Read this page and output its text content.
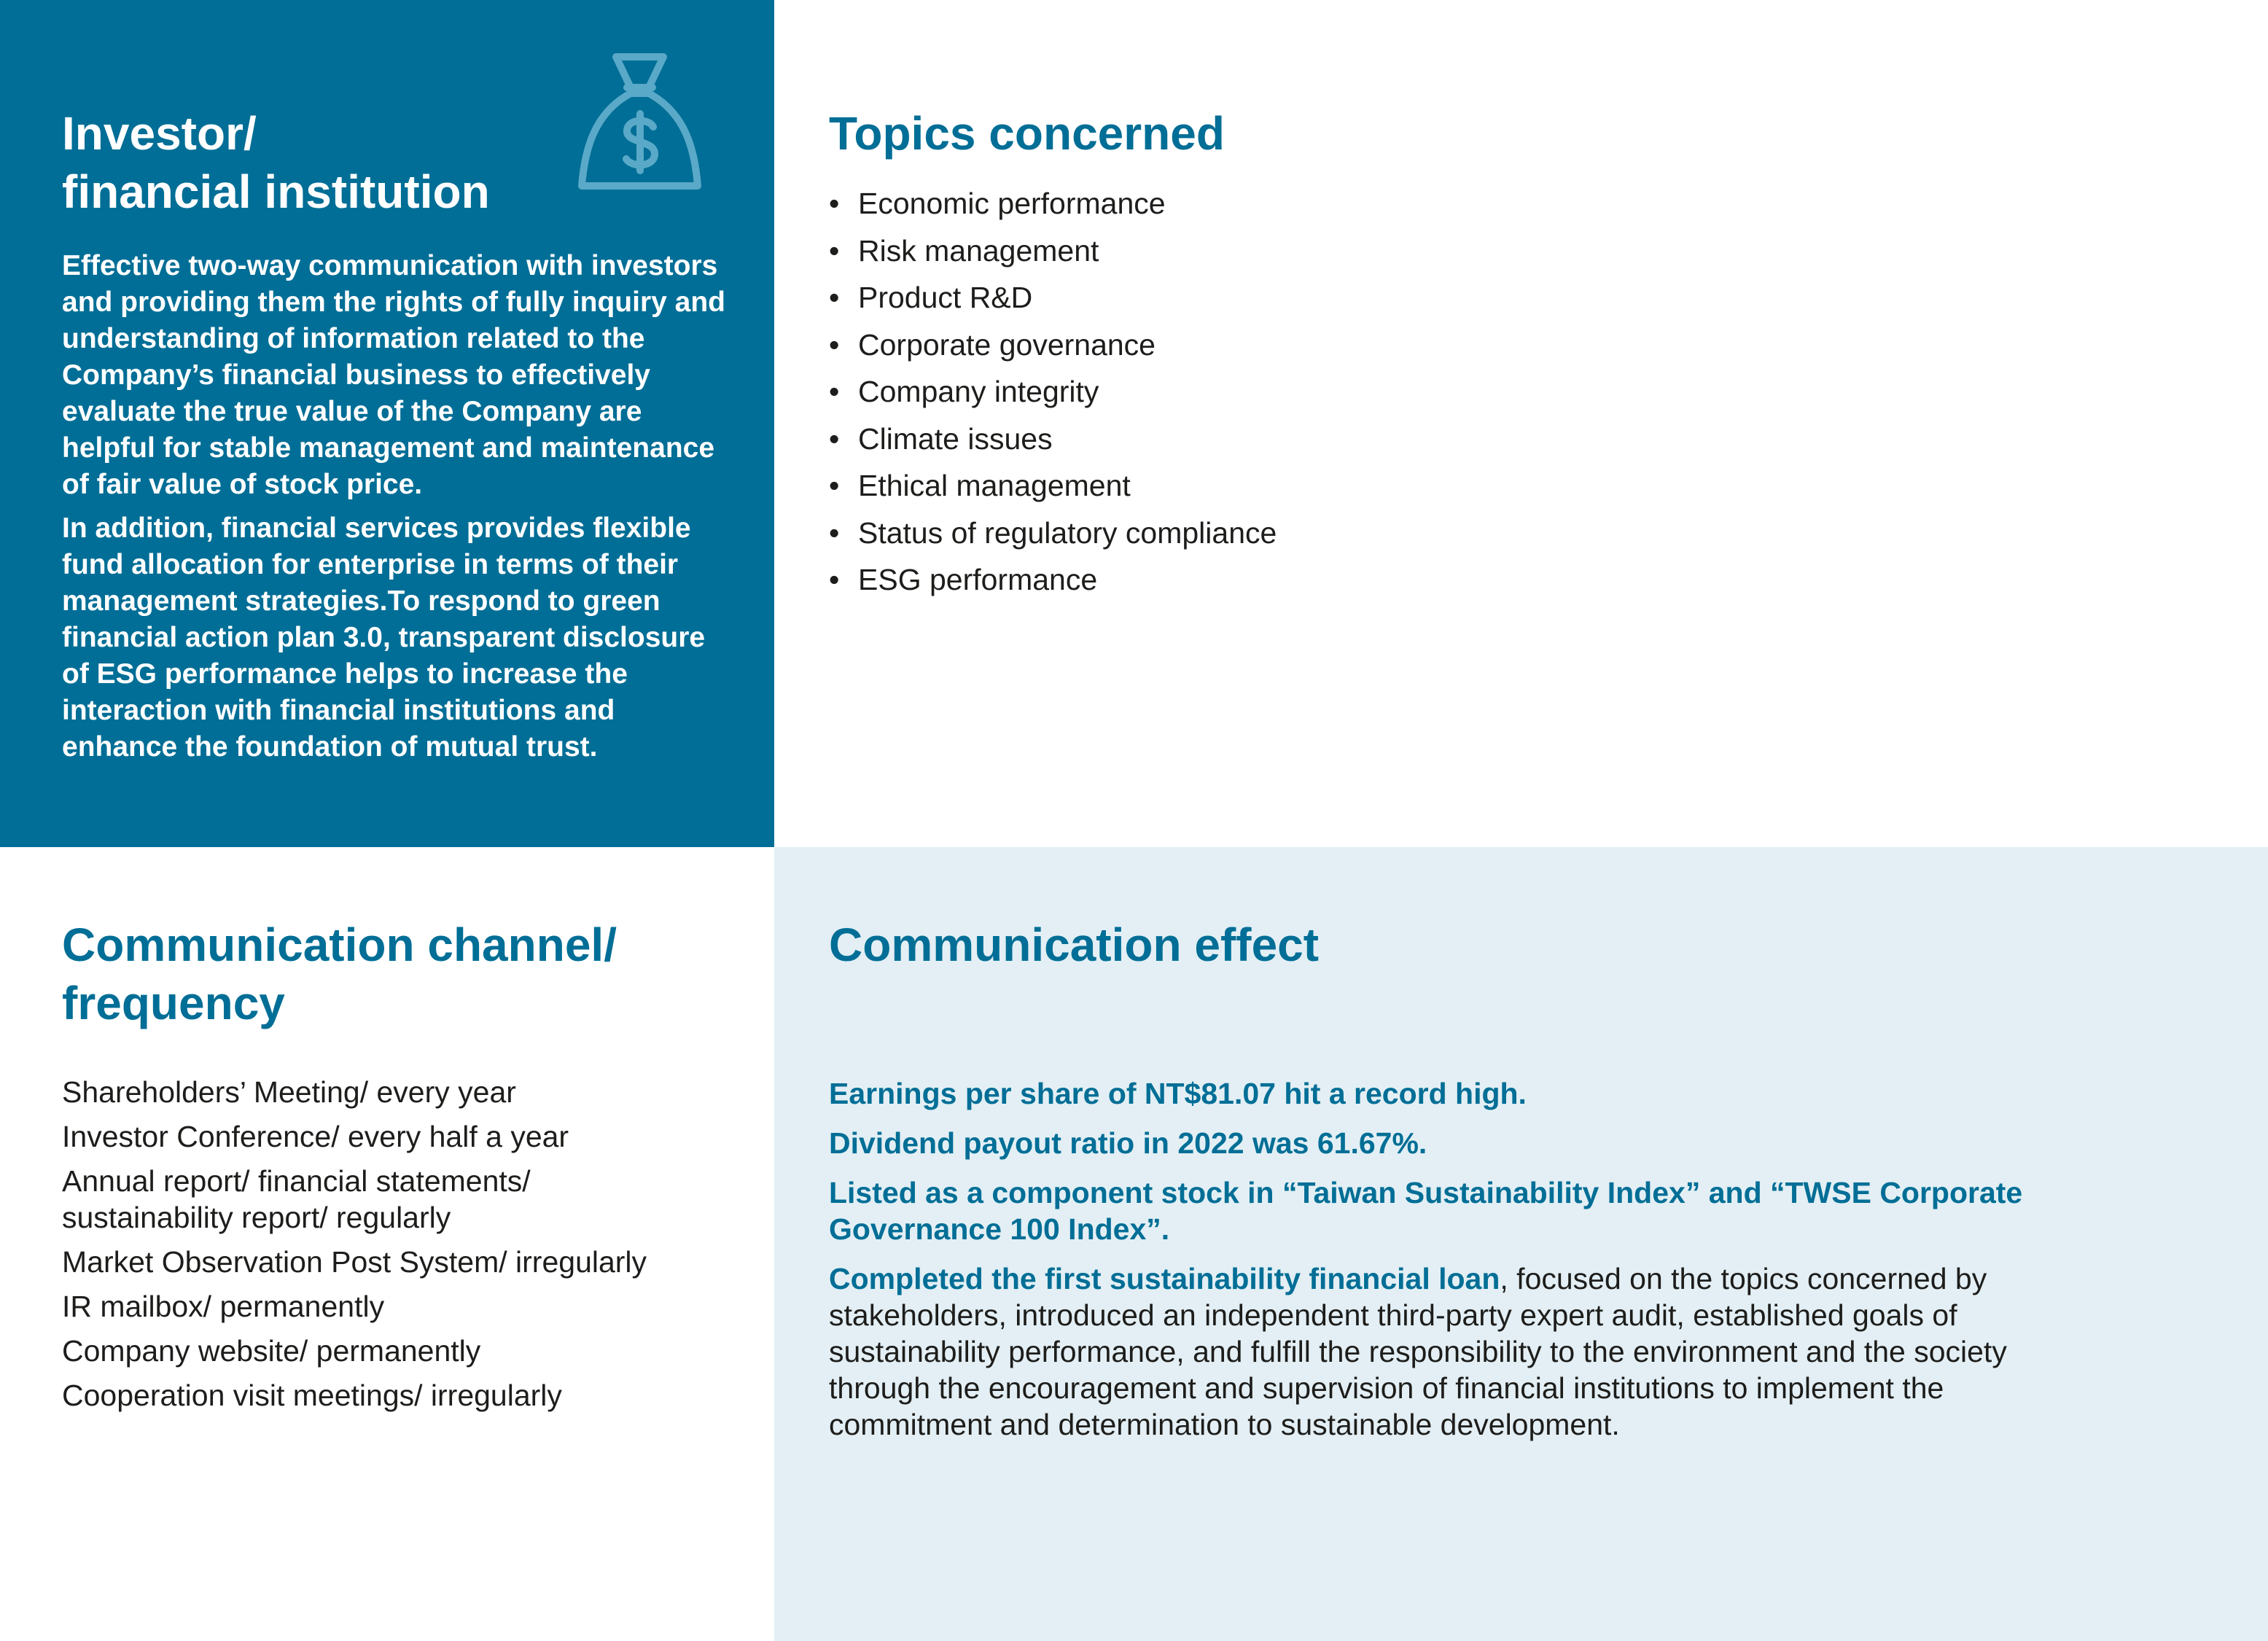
Investor/
financial institution

Effective two-way communication with investors and providing them the rights of fully inquiry and understanding of information related to the Company’s financial business to effectively evaluate the true value of the Company are helpful for stable management and maintenance of fair value of stock price.

In addition, financial services provides flexible fund allocation for enterprise in terms of their management strategies.To respond to green financial action plan 3.0, transparent disclosure of ESG performance helps to increase the interaction with financial institutions and enhance the foundation of mutual trust.

Topics concerned
• Economic performance
• Risk management
• Product R&D
• Corporate governance
• Company integrity
• Climate issues
• Ethical management
• Status of regulatory compliance
• ESG performance
Communication channel/
frequency
Shareholders’ Meeting/ every year
Investor Conference/ every half a year
Annual report/ financial statements/ sustainability report/ regularly
Market Observation Post System/ irregularly
IR mailbox/ permanently
Company website/ permanently
Cooperation visit meetings/ irregularly
Communication effect

Earnings per share of NT$81.07 hit a record high.

Dividend payout ratio in 2022 was 61.67%.

Listed as a component stock in “Taiwan Sustainability Index” and “TWSE Corporate Governance 100 Index”.

Completed the first sustainability financial loan, focused on the topics concerned by stakeholders, introduced an independent third-party expert audit, established goals of sustainability performance, and fulfill the responsibility to the environment and the society through the encouragement and supervision of financial institutions to implement the commitment and determination to sustainable development.
